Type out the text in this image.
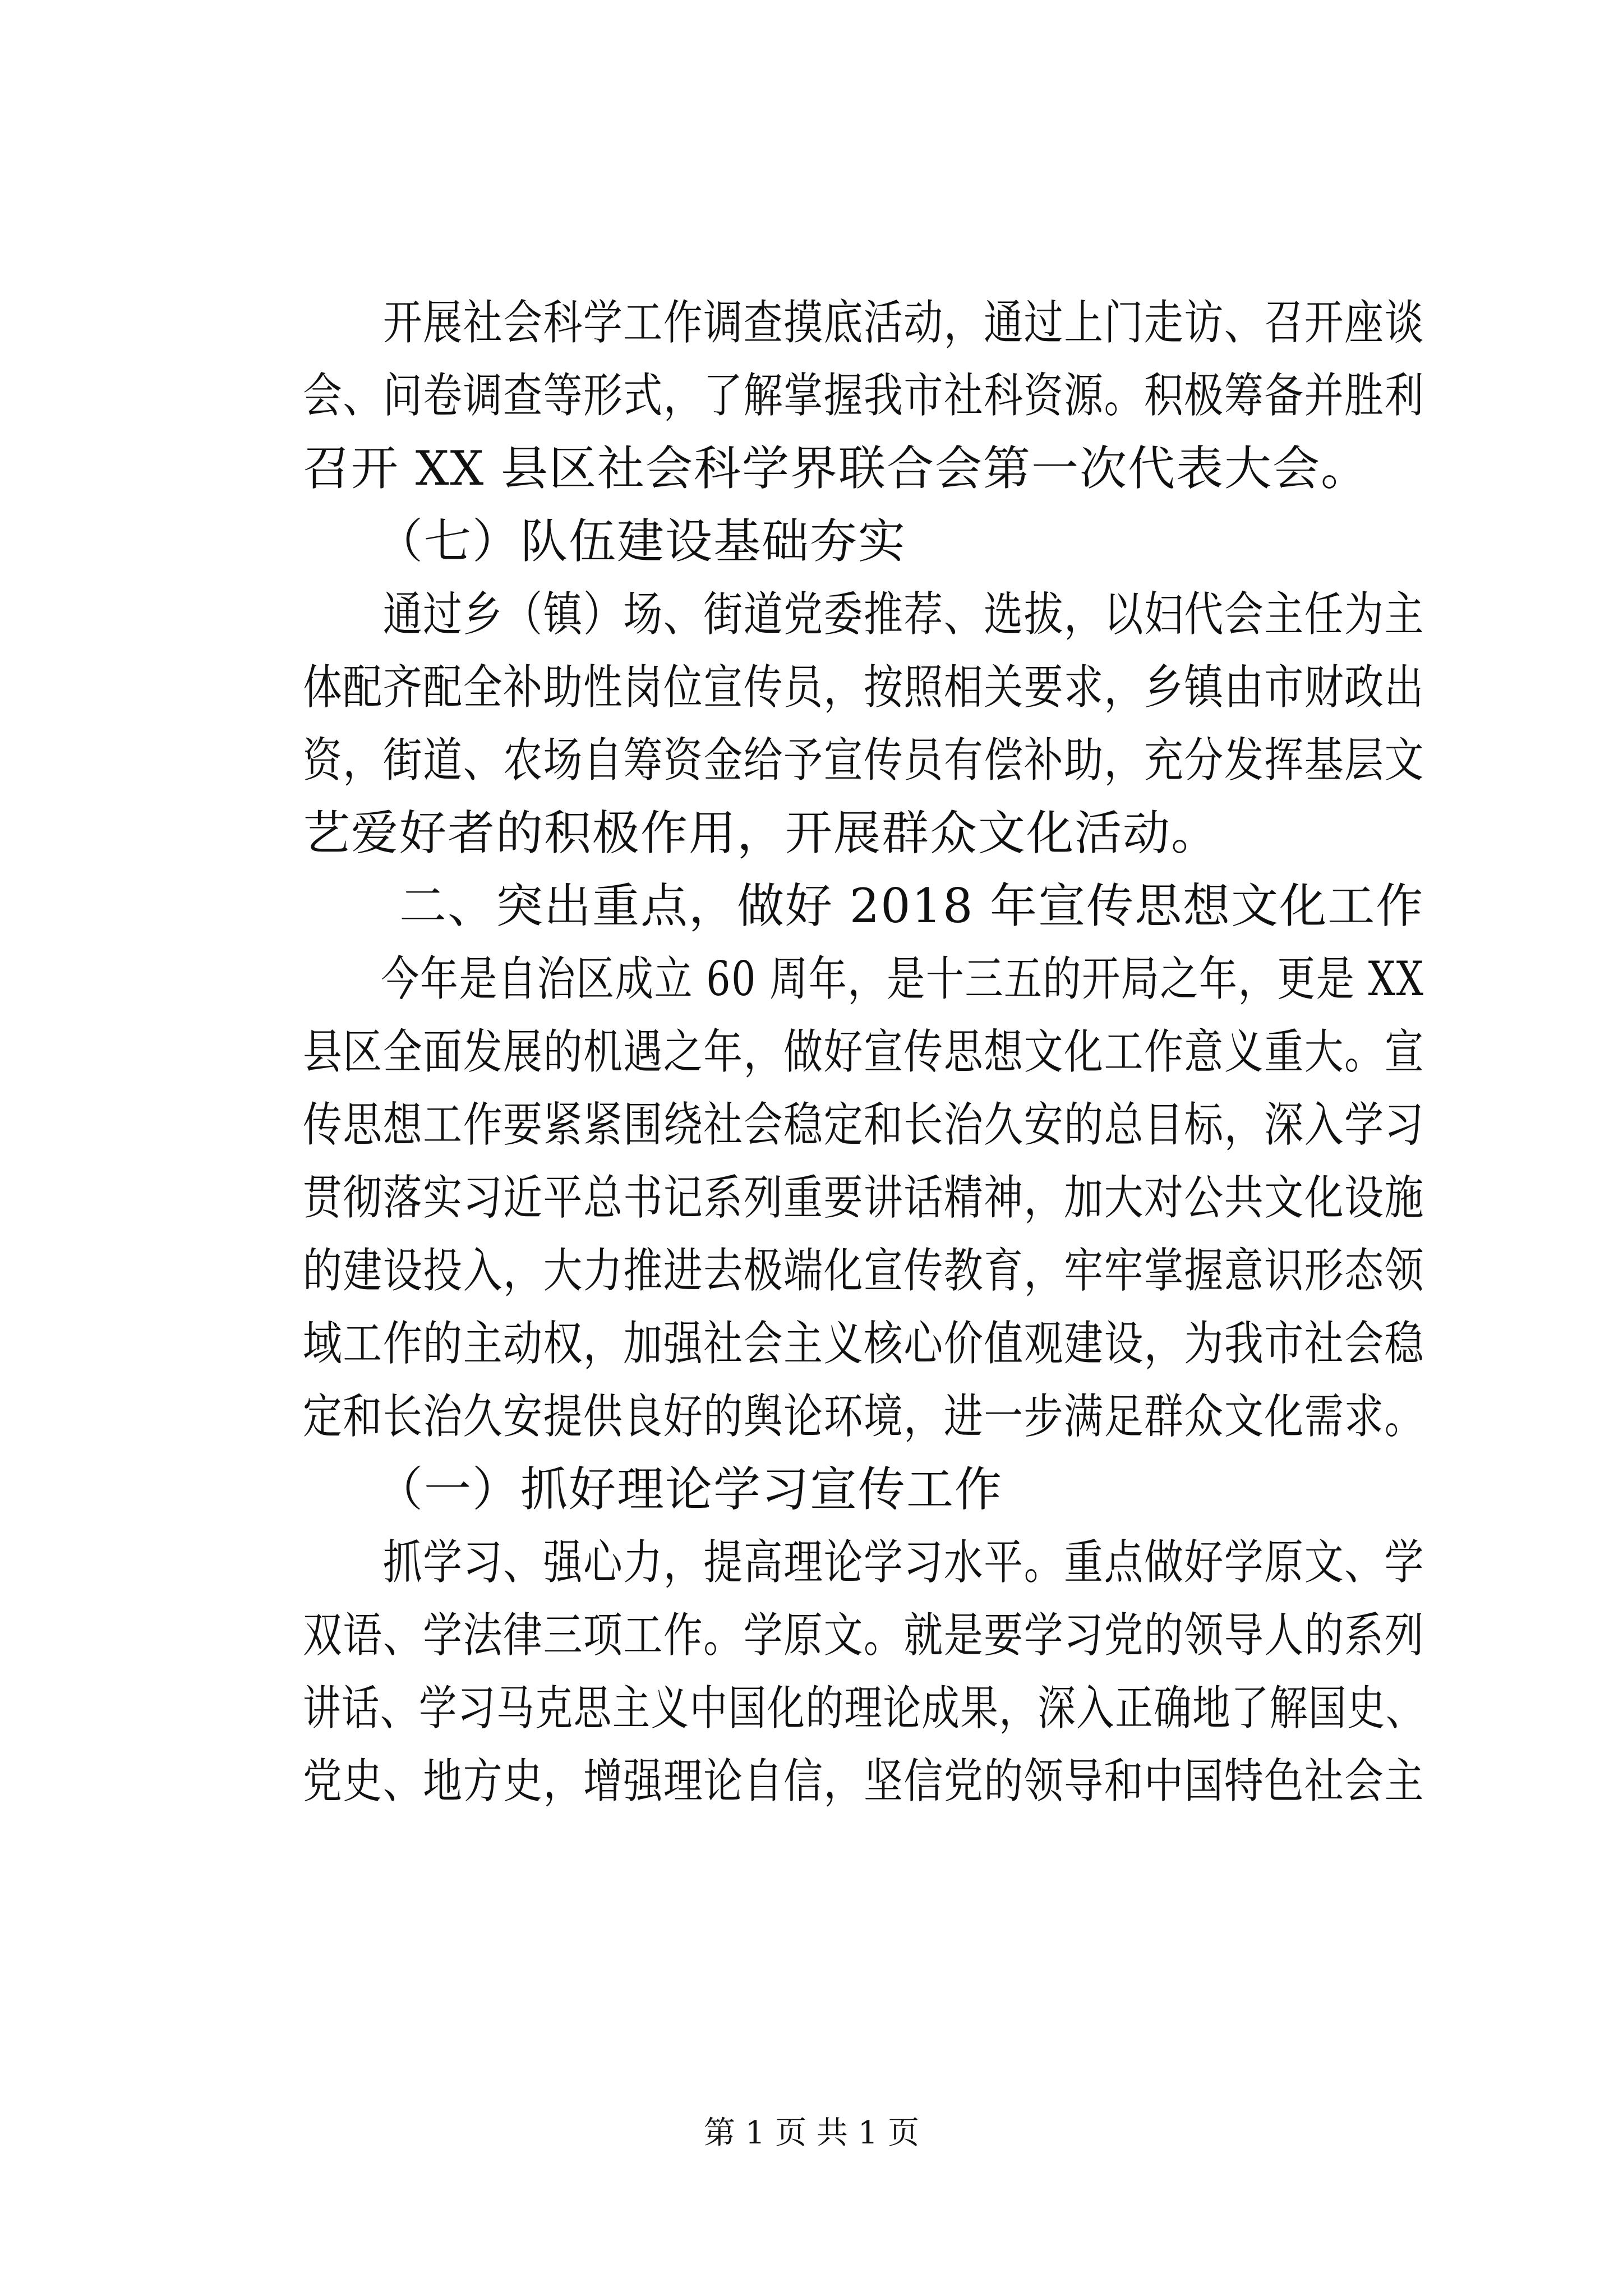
　　开展社会科学工作调查摸底活动，通过上门走访、召开座谈
会、问卷调查等形式，了解掌握我市社科资源。积极筹备并胜利
召开 XX 县区社会科学界联合会第一次代表大会。
　　（七）队伍建设基础夯实
　　通过乡（镇）场、街道党委推荐、选拔，以妇代会主任为主
体配齐配全补助性岗位宣传员，按照相关要求，乡镇由市财政出
资，街道、农场自筹资金给予宣传员有偿补助，充分发挥基层文
艺爱好者的积极作用，开展群众文化活动。
　　二、突出重点，做好 2018 年宣传思想文化工作
　　今年是自治区成立 60 周年，是十三五的开局之年，更是 XX
县区全面发展的机遇之年，做好宣传思想文化工作意义重大。宣
传思想工作要紧紧围绕社会稳定和长治久安的总目标，深入学习
贯彻落实习近平总书记系列重要讲话精神，加大对公共文化设施
的建设投入，大力推进去极端化宣传教育，牢牢掌握意识形态领
域工作的主动权，加强社会主义核心价值观建设，为我市社会稳
定和长治久安提供良好的舆论环境，进一步满足群众文化需求。
　　（一）抓好理论学习宣传工作
　　抓学习、强心力，提高理论学习水平。重点做好学原文、学
双语、学法律三项工作。学原文。就是要学习党的领导人的系列
讲话、学习马克思主义中国化的理论成果，深入正确地了解国史、
党史、地方史，增强理论自信，坚信党的领导和中国特色社会主
第 1 页 共 1 页
